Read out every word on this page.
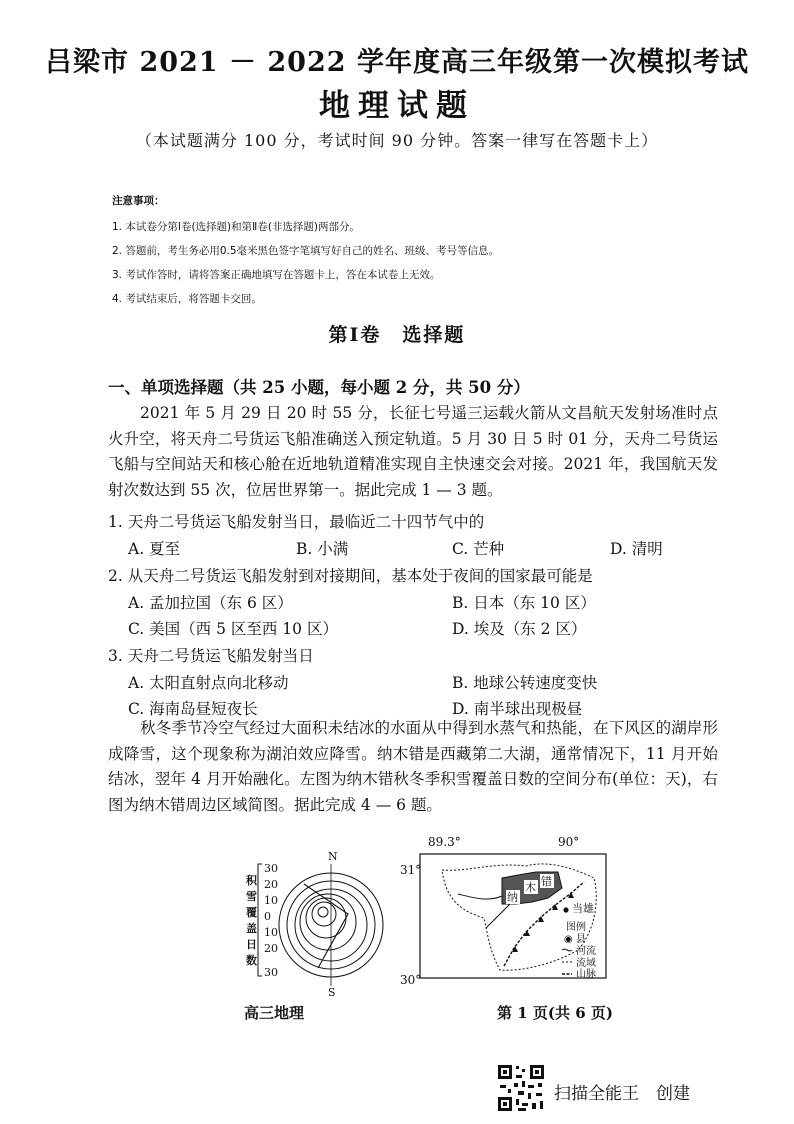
吕梁市 2021 － 2022 学年度高三年级第一次模拟考试
地理试题
（本试题满分 100 分，考试时间 90 分钟。答案一律写在答题卡上）
注意事项：
1. 本试卷分第Ⅰ卷(选择题)和第Ⅱ卷(非选择题)两部分。
2. 答题前，考生务必用0.5毫米黑色签字笔填写好自己的姓名、班级、考号等信息。
3. 考试作答时，请将答案正确地填写在答题卡上，答在本试卷上无效。
4. 考试结束后，将答题卡交回。
第Ⅰ卷　选择题
一、单项选择题（共 25 小题，每小题 2 分，共 50 分）
2021 年 5 月 29 日 20 时 55 分，长征七号遥三运载火箭从文昌航天发射场准时点火升空，将天舟二号货运飞船准确送入预定轨道。5 月 30 日 5 时 01 分，天舟二号货运飞船与空间站天和核心舱在近地轨道精准实现自主快速交会对接。2021 年，我国航天发射次数达到 55 次，位居世界第一。据此完成 1 — 3 题。
1. 天舟二号货运飞船发射当日，最临近二十四节气中的
A. 夏至	B. 小满	C. 芒种	D. 清明
2. 从天舟二号货运飞船发射到对接期间，基本处于夜间的国家最可能是
A. 孟加拉国（东 6 区）	B. 日本（东 10 区）
C. 美国（西 5 区至西 10 区）	D. 埃及（东 2 区）
3. 天舟二号货运飞船发射当日
A. 太阳直射点向北移动	B. 地球公转速度变快
C. 海南岛昼短夜长	D. 南半球出现极昼
秋冬季节冷空气经过大面积未结冰的水面从中得到水蒸气和热能，在下风区的湖岸形成降雪，这个现象称为湖泊效应降雪。纳木错是西藏第二大湖，通常情况下，11 月开始结冰，翌年 4 月开始融化。左图为纳木错秋冬季积雪覆盖日数的空间分布(单位：天)，右图为纳木错周边区域简图。据此完成 4 — 6 题。
积
雪
覆
盖
日
数
30
20
10
0
10
20
30
N
S
89.3°	90°
31°
30°
纳
木 错
当雄
图例
◉ 县
河流
流域
山脉
高三地理	第 1 页(共 6 页)
扫描全能王　创建
